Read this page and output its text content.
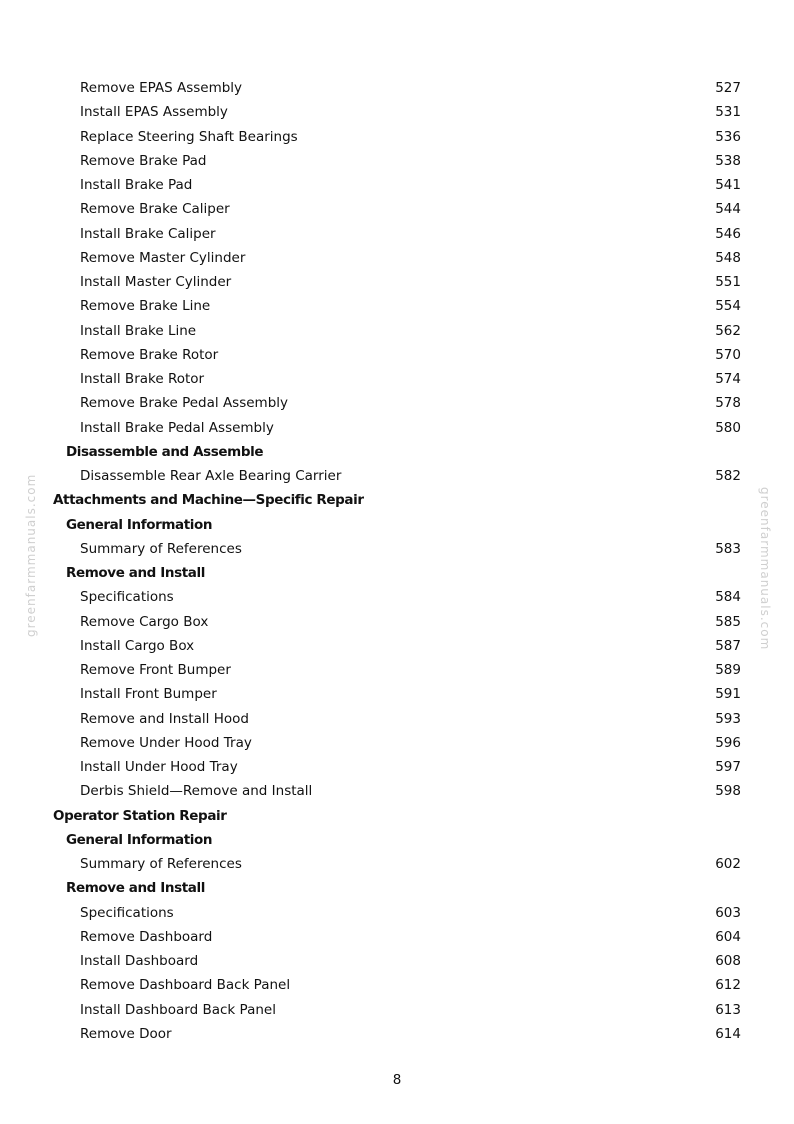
Remove EPAS Assembly	527
Install EPAS Assembly	531
Replace Steering Shaft Bearings	536
Remove Brake Pad	538
Install Brake Pad	541
Remove Brake Caliper	544
Install Brake Caliper	546
Remove Master Cylinder	548
Install Master Cylinder	551
Remove Brake Line	554
Install Brake Line	562
Remove Brake Rotor	570
Install Brake Rotor	574
Remove Brake Pedal Assembly	578
Install Brake Pedal Assembly	580
Disassemble and Assemble
Disassemble Rear Axle Bearing Carrier	582
Attachments and Machine—Specific Repair
General Information
Summary of References	583
Remove and Install
Specifications	584
Remove Cargo Box	585
Install Cargo Box	587
Remove Front Bumper	589
Install Front Bumper	591
Remove and Install Hood	593
Remove Under Hood Tray	596
Install Under Hood Tray	597
Derbis Shield—Remove and Install	598
Operator Station Repair
General Information
Summary of References	602
Remove and Install
Specifications	603
Remove Dashboard	604
Install Dashboard	608
Remove Dashboard Back Panel	612
Install Dashboard Back Panel	613
Remove Door	614
8
greenfarmmanuals.com	greenfarmmanuals.com
